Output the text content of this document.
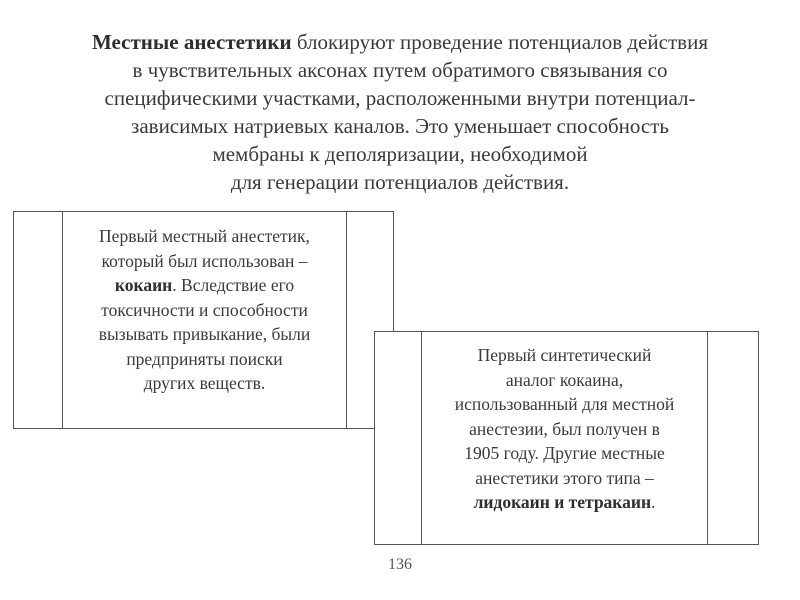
Местные анестетики блокируют проведение потенциалов действия
в чувствительных аксонах путем обратимого связывания со
специфическими участками, расположенными внутри потенциал-
зависимых натриевых каналов. Это уменьшает способность
мембраны к деполяризации, необходимой
для генерации потенциалов действия.
Первый местный анестетик,
который был использован –
кокаин. Вследствие его
токсичности и способности
вызывать привыкание, были
предприняты поиски
других веществ.
Первый синтетический
аналог кокаина,
использованный для местной
анестезии, был получен в
1905 году. Другие местные
анестетики этого типа –
лидокаин и тетракаин.
136
